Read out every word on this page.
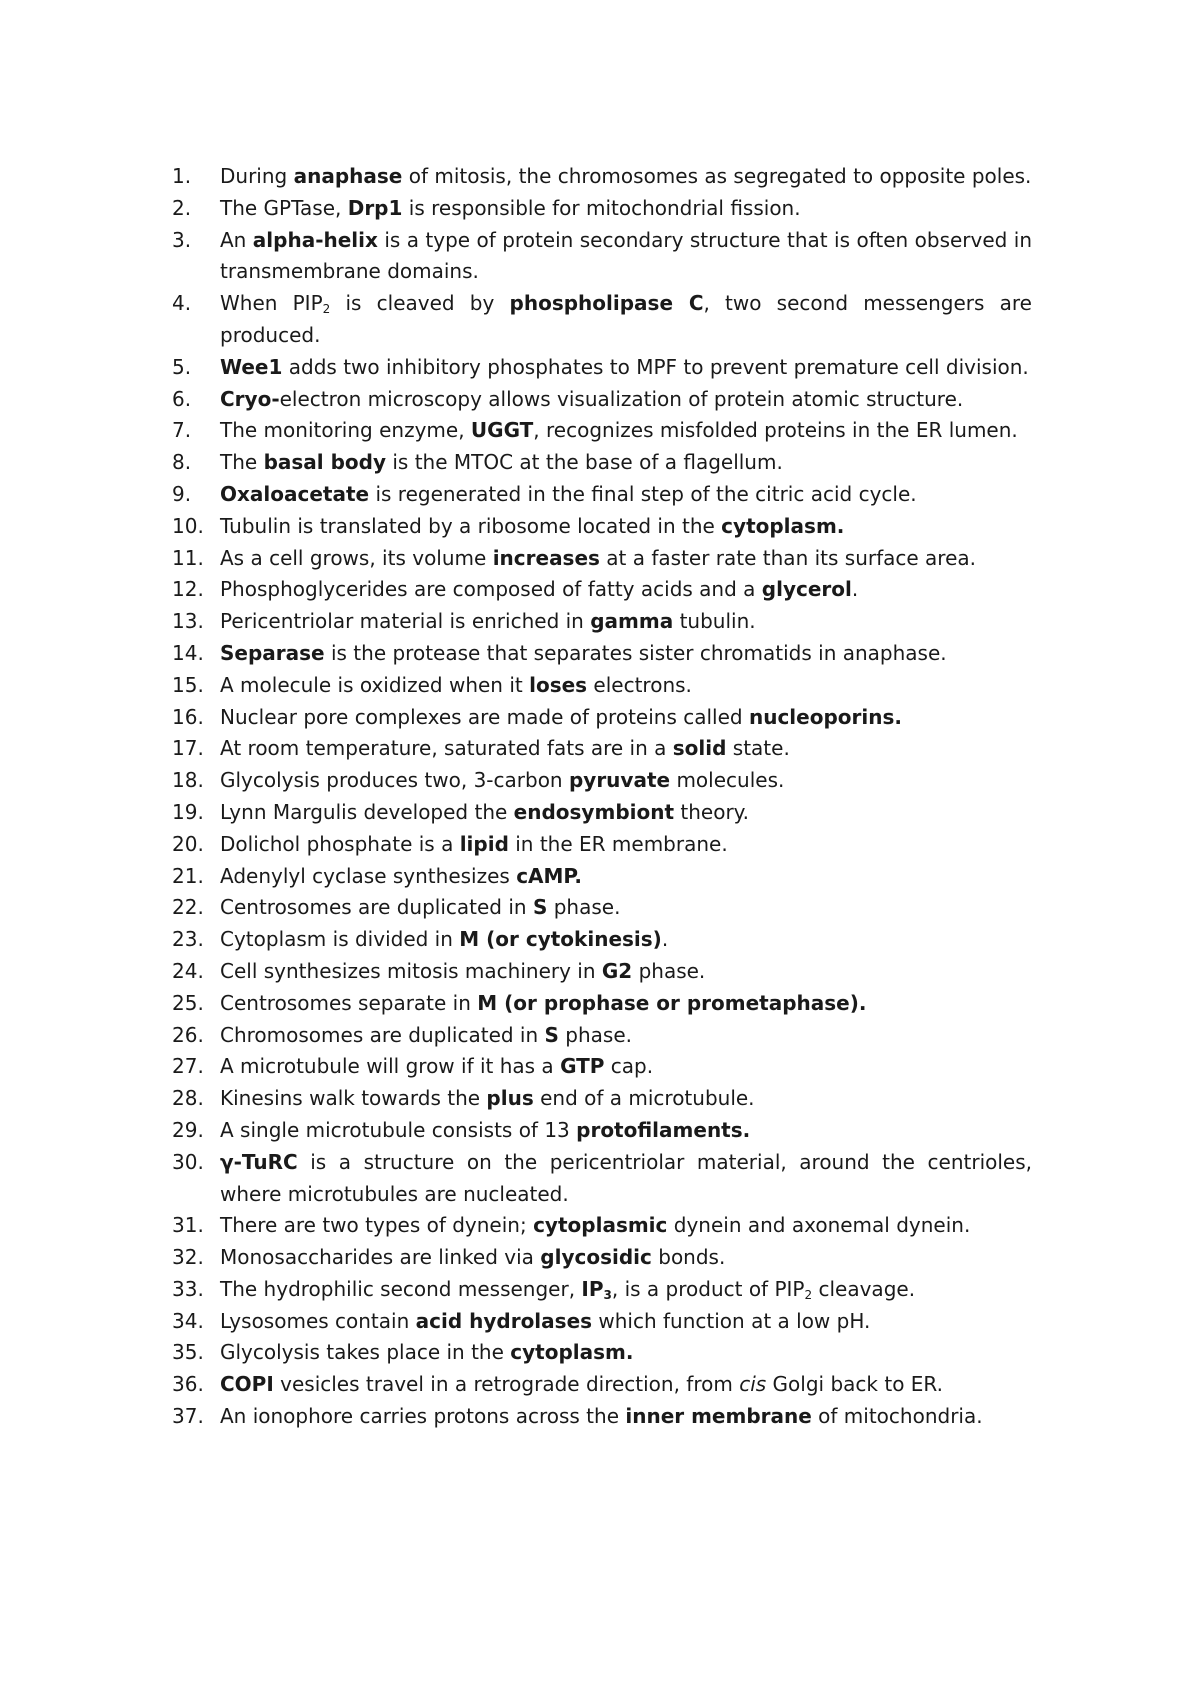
1.	During anaphase of mitosis, the chromosomes as segregated to opposite poles.
2.	The GPTase, Drp1 is responsible for mitochondrial fission.
3.	An alpha-helix is a type of protein secondary structure that is often observed in transmembrane domains.
4.	When $PIP_2$ is cleaved by phospholipase C, two second messengers are produced.
5.	Wee1 adds two inhibitory phosphates to MPF to prevent premature cell division.
6.	Cryo-electron microscopy allows visualization of protein atomic structure.
7.	The monitoring enzyme, UGGT, recognizes misfolded proteins in the ER lumen.
8.	The basal body is the MTOC at the base of a flagellum.
9.	Oxaloacetate is regenerated in the final step of the citric acid cycle.
10. Tubulin is translated by a ribosome located in the cytoplasm.
11. As a cell grows, its volume increases at a faster rate than its surface area.
12. Phosphoglycerides are composed of fatty acids and a glycerol.
13. Pericentriolar material is enriched in gamma tubulin.
14. Separase is the protease that separates sister chromatids in anaphase.
15. A molecule is oxidized when it loses electrons.
16. Nuclear pore complexes are made of proteins called nucleoporins.
17. At room temperature, saturated fats are in a solid state.
18. Glycolysis produces two, 3-carbon pyruvate molecules.
19. Lynn Margulis developed the endosymbiont theory.
20. Dolichol phosphate is a lipid in the ER membrane.
21. Adenylyl cyclase synthesizes cAMP.
22. Centrosomes are duplicated in S phase.
23. Cytoplasm is divided in M (or cytokinesis).
24. Cell synthesizes mitosis machinery in G2 phase.
25. Centrosomes separate in M (or prophase or prometaphase).
26. Chromosomes are duplicated in S phase.
27. A microtubule will grow if it has a GTP cap.
28. Kinesins walk towards the plus end of a microtubule.
29. A single microtubule consists of 13 protofilaments.
30. γ-TuRC is a structure on the pericentriolar material, around the centrioles, where microtubules are nucleated.
31. There are two types of dynein; cytoplasmic dynein and axonemal dynein.
32. Monosaccharides are linked via glycosidic bonds.
33. The hydrophilic second messenger, $IP_3$, is a product of $PIP_2$ cleavage.
34. Lysosomes contain acid hydrolases which function at a low pH.
35. Glycolysis takes place in the cytoplasm.
36. COPI vesicles travel in a retrograde direction, from cis Golgi back to ER.
37. An ionophore carries protons across the inner membrane of mitochondria.
